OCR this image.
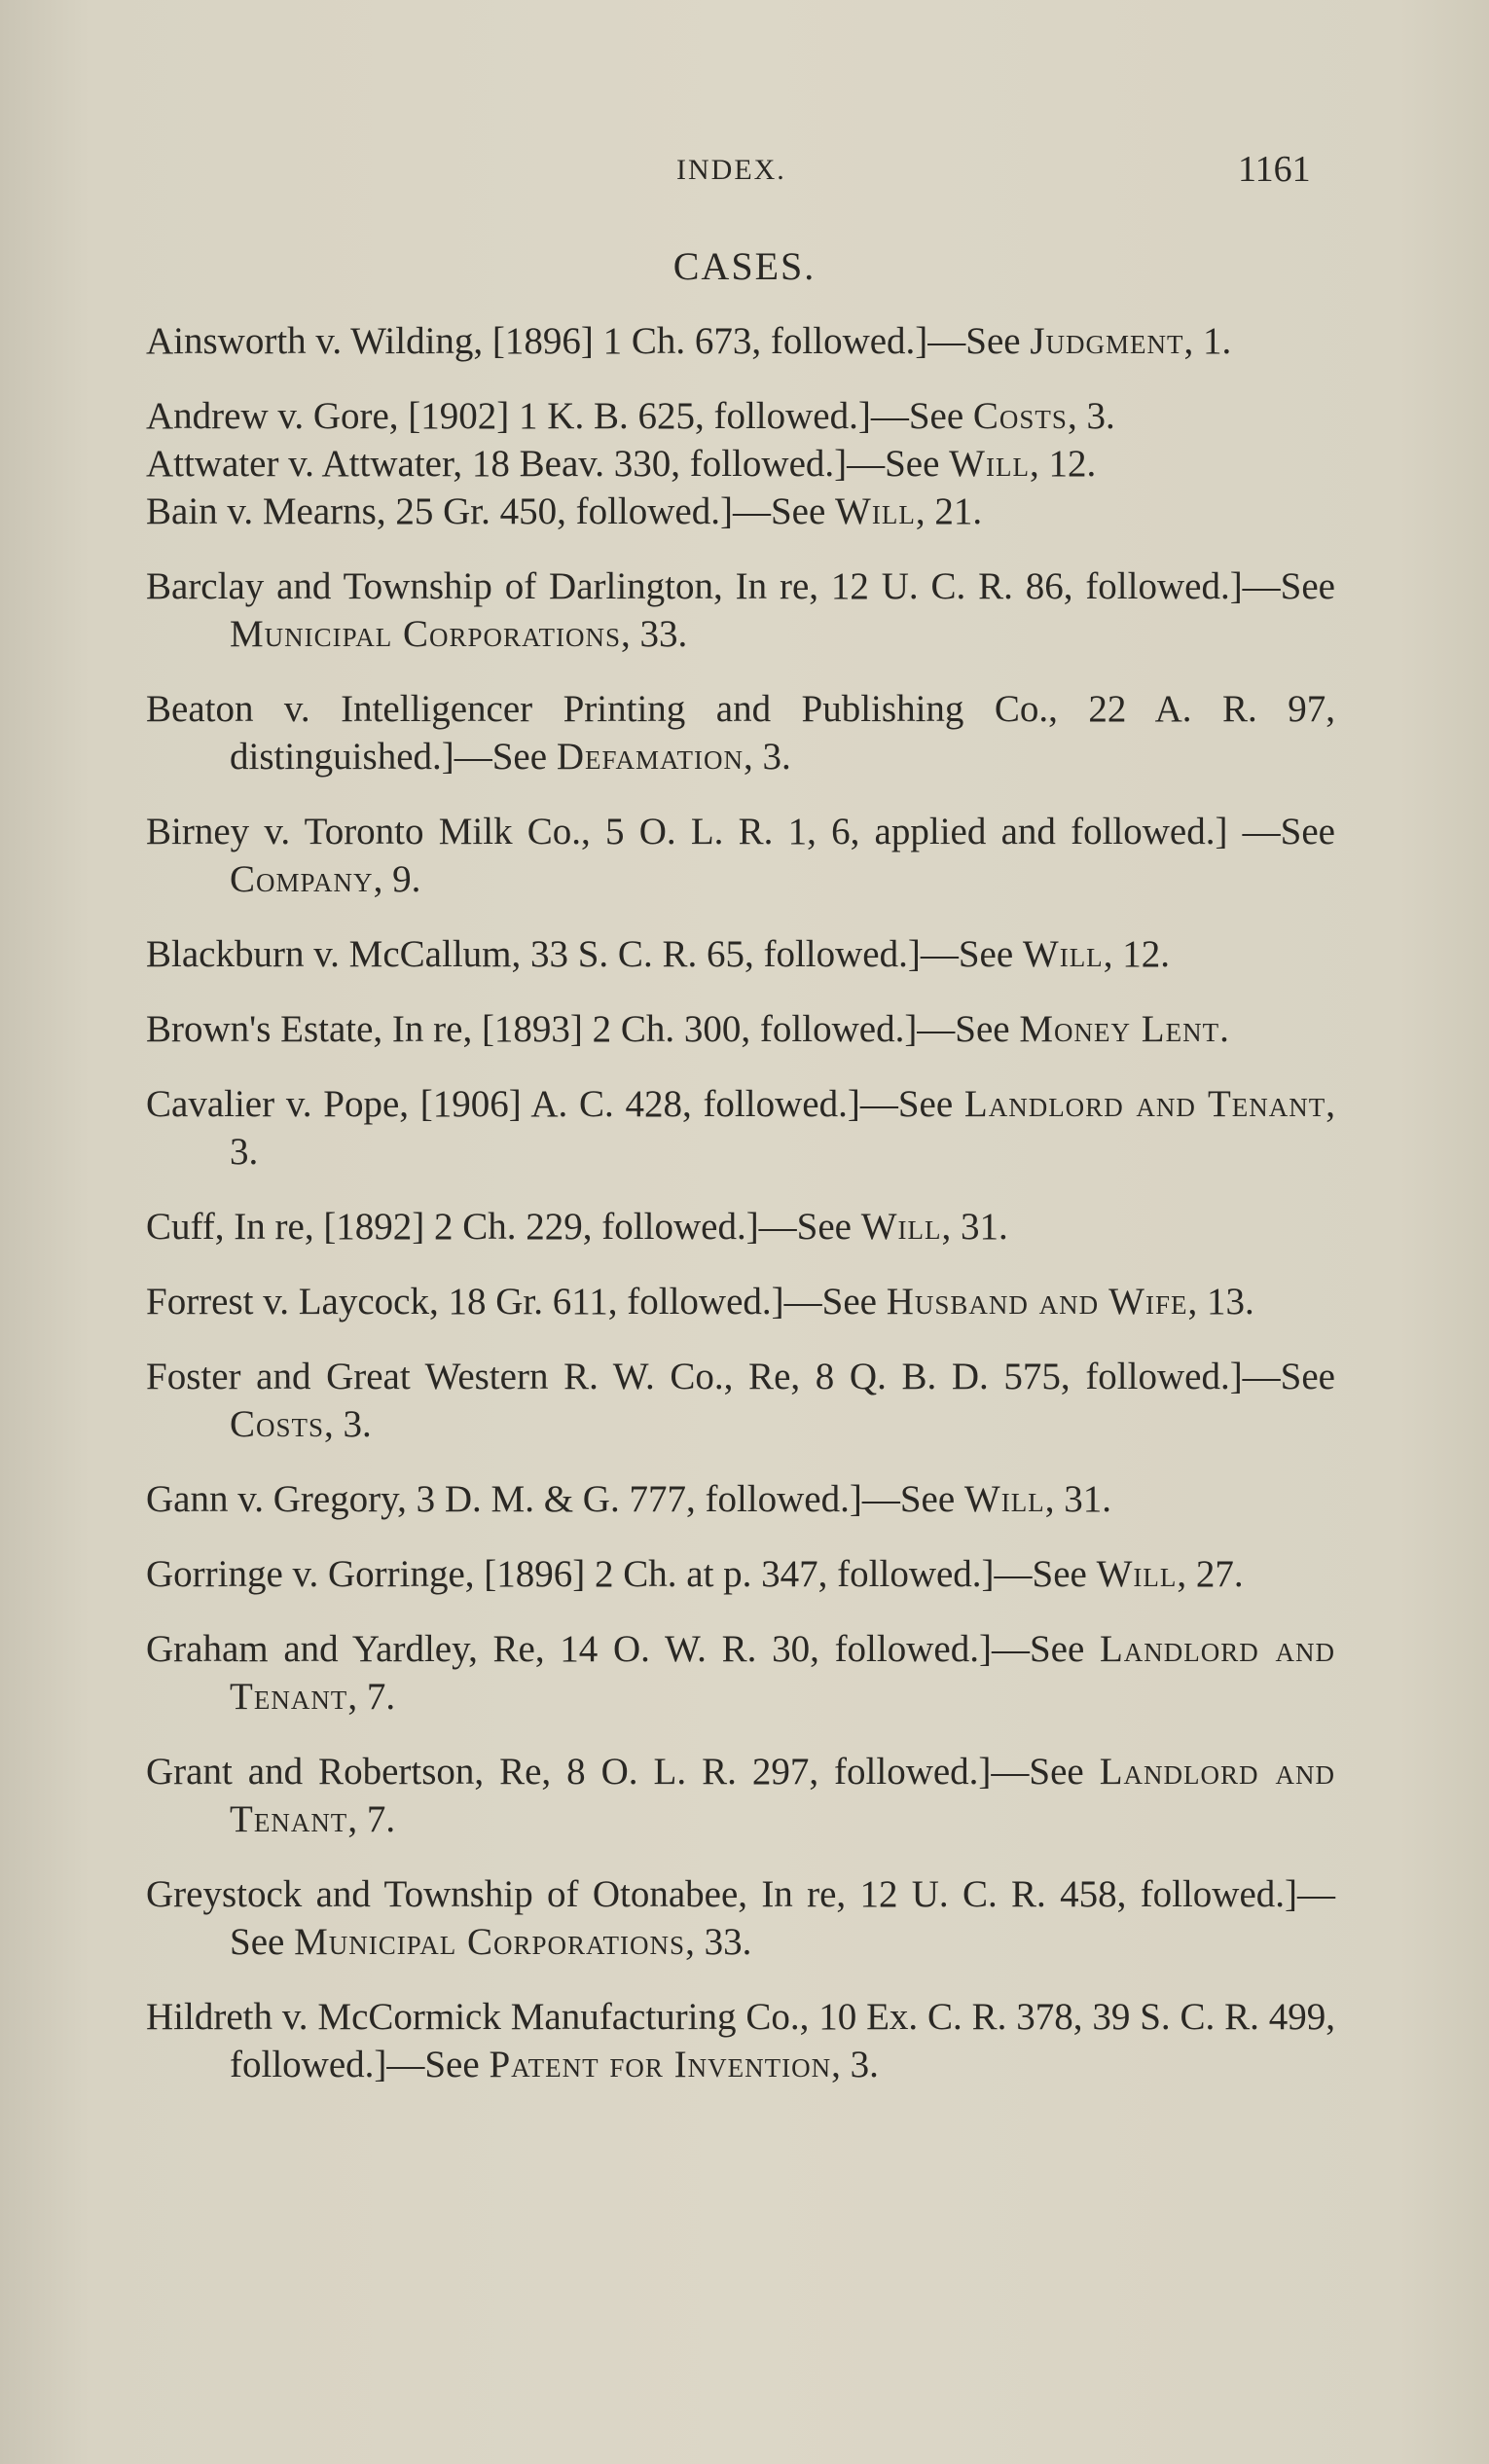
INDEX.	1161
CASES.
Ainsworth v. Wilding, [1896] 1 Ch. 673, followed.]—See Judgment, 1.
Andrew v. Gore, [1902] 1 K. B. 625, followed.]—See Costs, 3.
Attwater v. Attwater, 18 Beav. 330, followed.]—See Will, 12.
Bain v. Mearns, 25 Gr. 450, followed.]—See Will, 21.
Barclay and Township of Darlington, In re, 12 U. C. R. 86, followed.]—See Municipal Corporations, 33.
Beaton v. Intelligencer Printing and Publishing Co., 22 A. R. 97, distinguished.]—See Defamation, 3.
Birney v. Toronto Milk Co., 5 O. L. R. 1, 6, applied and followed.] —See Company, 9.
Blackburn v. McCallum, 33 S. C. R. 65, followed.]—See Will, 12.
Brown's Estate, In re, [1893] 2 Ch. 300, followed.]—See Money Lent.
Cavalier v. Pope, [1906] A. C. 428, followed.]—See Landlord and Tenant, 3.
Cuff, In re, [1892] 2 Ch. 229, followed.]—See Will, 31.
Forrest v. Laycock, 18 Gr. 611, followed.]—See Husband and Wife, 13.
Foster and Great Western R. W. Co., Re, 8 Q. B. D. 575, followed.]—See Costs, 3.
Gann v. Gregory, 3 D. M. & G. 777, followed.]—See Will, 31.
Gorringe v. Gorringe, [1896] 2 Ch. at p. 347, followed.]—See Will, 27.
Graham and Yardley, Re, 14 O. W. R. 30, followed.]—See Landlord and Tenant, 7.
Grant and Robertson, Re, 8 O. L. R. 297, followed.]—See Landlord and Tenant, 7.
Greystock and Township of Otonabee, In re, 12 U. C. R. 458, followed.]—See Municipal Corporations, 33.
Hildreth v. McCormick Manufacturing Co., 10 Ex. C. R. 378, 39 S. C. R. 499, followed.]—See Patent for Invention, 3.
